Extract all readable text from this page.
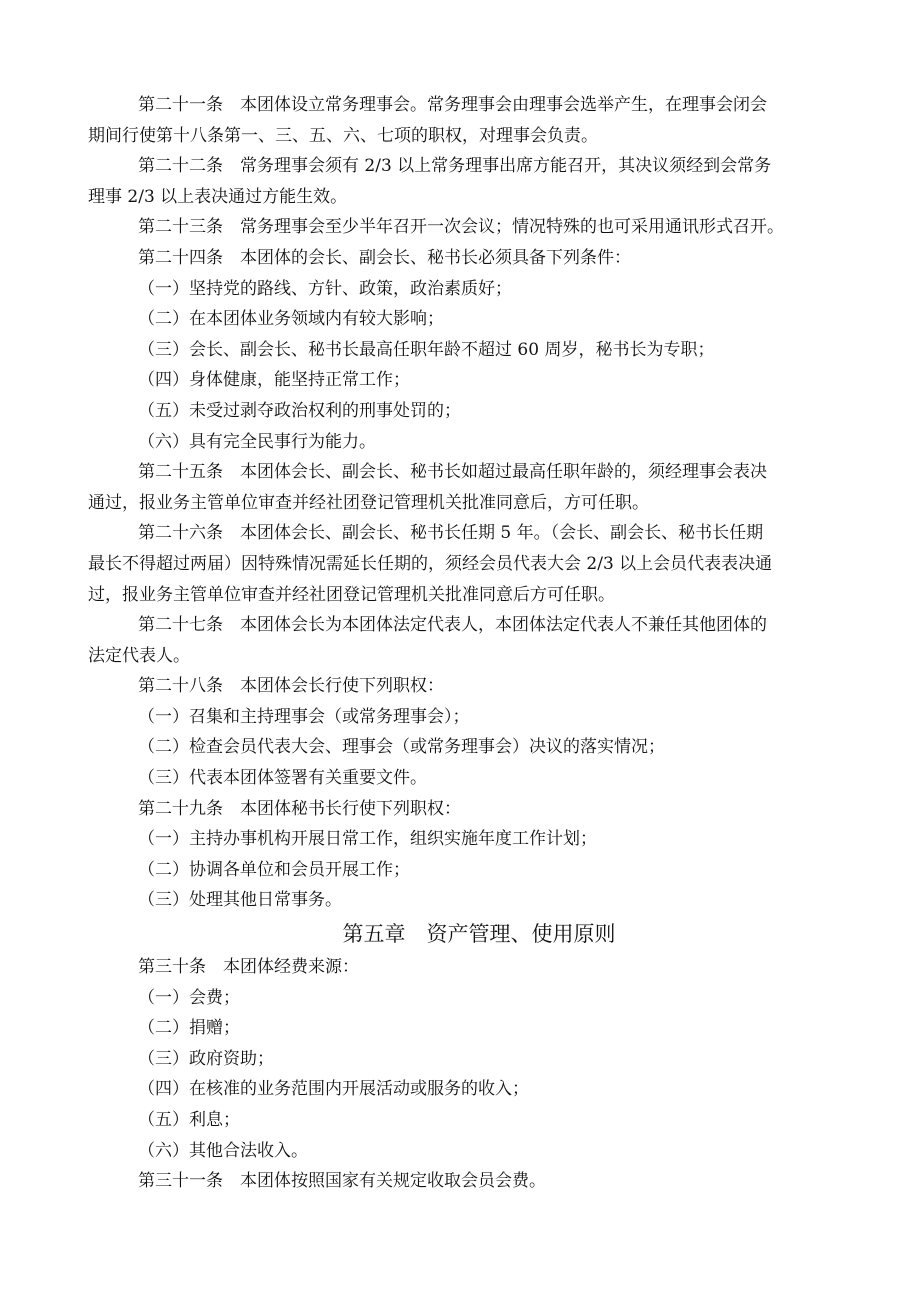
第二十一条　本团体设立常务理事会。常务理事会由理事会选举产生，在理事会闭会

期间行使第十八条第一、三、五、六、七项的职权，对理事会负责。

第二十二条　常务理事会须有 2/3 以上常务理事出席方能召开，其决议须经到会常务

理事 2/3 以上表决通过方能生效。

第二十三条　常务理事会至少半年召开一次会议；情况特殊的也可采用通讯形式召开。

第二十四条　本团体的会长、副会长、秘书长必须具备下列条件：

（一）坚持党的路线、方针、政策，政治素质好；

（二）在本团体业务领域内有较大影响；

（三）会长、副会长、秘书长最高任职年龄不超过 60 周岁，秘书长为专职；

（四）身体健康，能坚持正常工作；

（五）未受过剥夺政治权利的刑事处罚的；

（六）具有完全民事行为能力。

第二十五条　本团体会长、副会长、秘书长如超过最高任职年龄的，须经理事会表决

通过，报业务主管单位审查并经社团登记管理机关批准同意后，方可任职。

第二十六条　本团体会长、副会长、秘书长任期 5 年。（会长、副会长、秘书长任期

最长不得超过两届）因特殊情况需延长任期的，须经会员代表大会 2/3 以上会员代表表决通

过，报业务主管单位审查并经社团登记管理机关批准同意后方可任职。

第二十七条　本团体会长为本团体法定代表人，本团体法定代表人不兼任其他团体的

法定代表人。

第二十八条　本团体会长行使下列职权：

（一）召集和主持理事会（或常务理事会）；

（二）检查会员代表大会、理事会（或常务理事会）决议的落实情况；

（三）代表本团体签署有关重要文件。

第二十九条　本团体秘书长行使下列职权：

（一）主持办事机构开展日常工作，组织实施年度工作计划；

（二）协调各单位和会员开展工作；

（三）处理其他日常事务。

第五章　资产管理、使用原则

第三十条　本团体经费来源：

（一）会费；

（二）捐赠；

（三）政府资助；

（四）在核准的业务范围内开展活动或服务的收入；

（五）利息；

（六）其他合法收入。

第三十一条　本团体按照国家有关规定收取会员会费。
